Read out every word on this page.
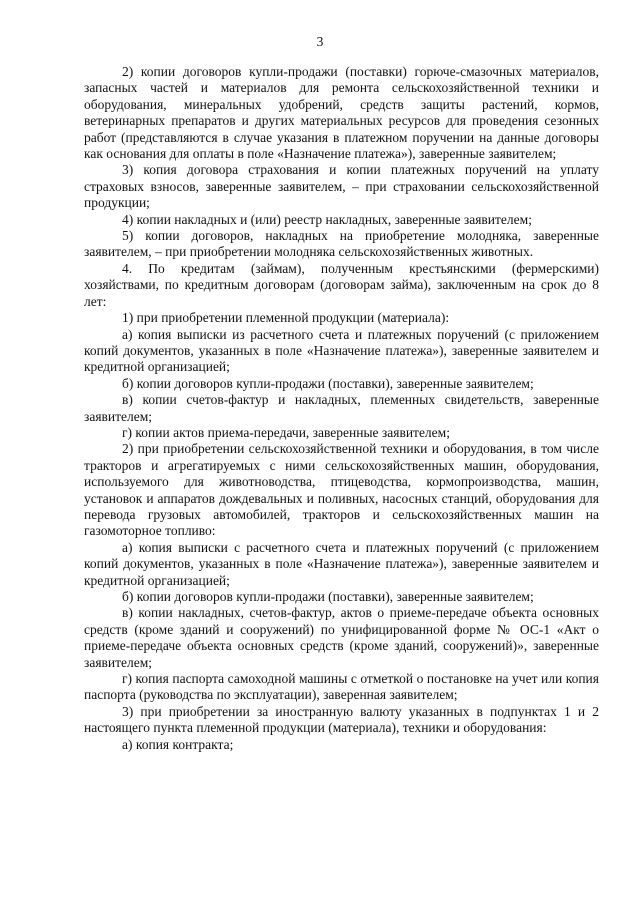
3

2) копии договоров купли-продажи (поставки) горюче-смазочных материалов, запасных частей и материалов для ремонта сельскохозяйственной техники и оборудования, минеральных удобрений, средств защиты растений, кормов, ветеринарных препаратов и других материальных ресурсов для проведения сезонных работ (представляются в случае указания в платежном поручении на данные договоры как основания для оплаты в поле «Назначение платежа»), заверенные заявителем;

3) копия договора страхования и копии платежных поручений на уплату страховых взносов, заверенные заявителем, – при страховании сельскохозяйственной продукции;

4) копии накладных и (или) реестр накладных, заверенные заявителем;

5) копии договоров, накладных на приобретение молодняка, заверенные заявителем, – при приобретении молодняка сельскохозяйственных животных.

4. По кредитам (займам), полученным крестьянскими (фермерскими) хозяйствами, по кредитным договорам (договорам займа), заключенным на срок до 8 лет:

1) при приобретении племенной продукции (материала):

а) копия выписки из расчетного счета и платежных поручений (с приложением копий документов, указанных в поле «Назначение платежа»), заверенные заявителем и кредитной организацией;

б) копии договоров купли-продажи (поставки), заверенные заявителем;

в) копии счетов-фактур и накладных, племенных свидетельств, заверенные заявителем;

г) копии актов приема-передачи, заверенные заявителем;

2) при приобретении сельскохозяйственной техники и оборудования, в том числе тракторов и агрегатируемых с ними сельскохозяйственных машин, оборудования, используемого для животноводства, птицеводства, кормопроизводства, машин, установок и аппаратов дождевальных и поливных, насосных станций, оборудования для перевода грузовых автомобилей, тракторов и сельскохозяйственных машин на газомоторное топливо:

а) копия выписки с расчетного счета и платежных поручений (с приложением копий документов, указанных в поле «Назначение платежа»), заверенные заявителем и кредитной организацией;

б) копии договоров купли-продажи (поставки), заверенные заявителем;

в) копии накладных, счетов-фактур, актов о приеме-передаче объекта основных средств (кроме зданий и сооружений) по унифицированной форме № ОС-1 «Акт о приеме-передаче объекта основных средств (кроме зданий, сооружений)», заверенные заявителем;

г) копия паспорта самоходной машины с отметкой о постановке на учет или копия паспорта (руководства по эксплуатации), заверенная заявителем;

3) при приобретении за иностранную валюту указанных в подпунктах 1 и 2 настоящего пункта племенной продукции (материала), техники и оборудования:

а) копия контракта;
